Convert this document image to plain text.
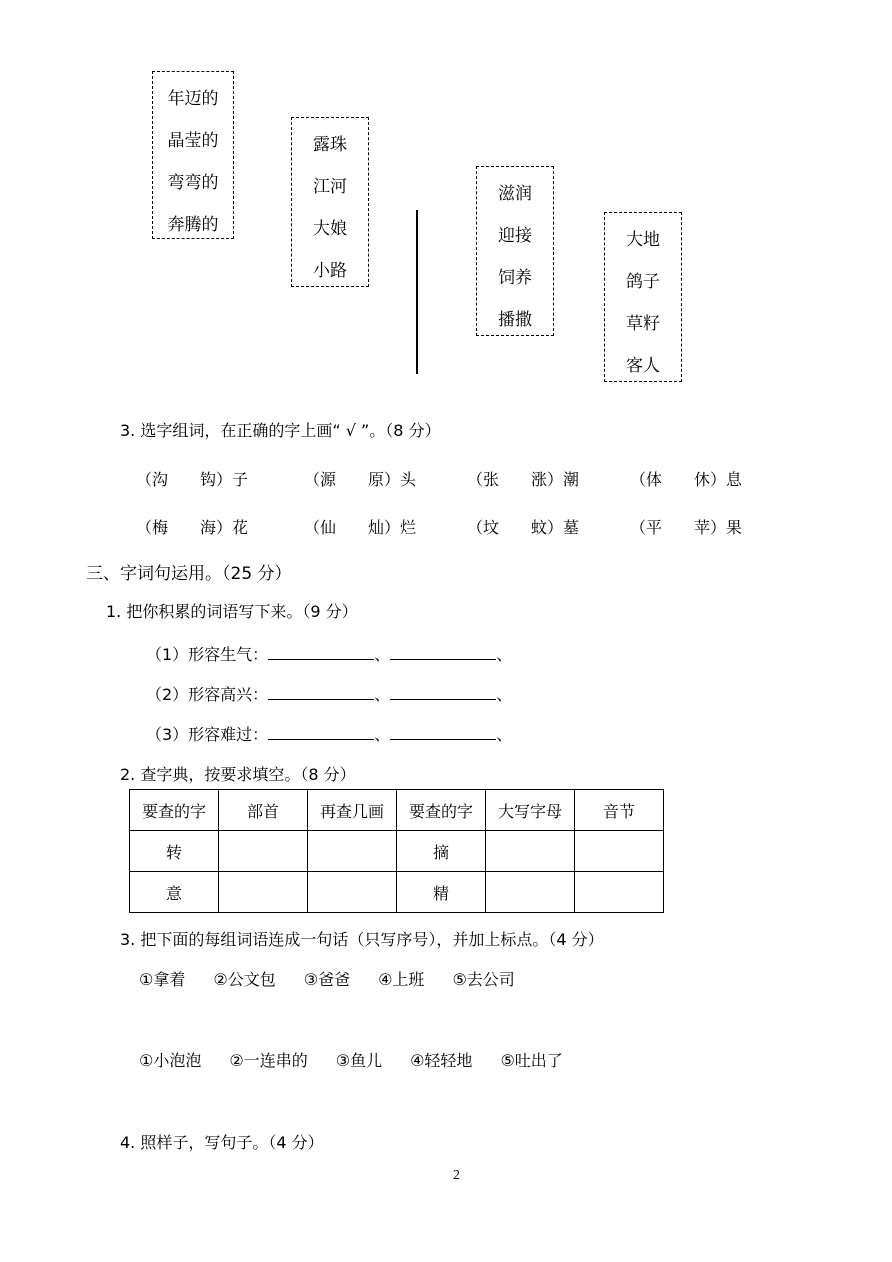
年迈的
晶莹的
弯弯的
奔腾的
露珠
江河
大娘
小路
滋润
迎接
饲养
播撒
大地
鸽子
草籽
客人
3. 选字组词，在正确的字上画“ √ ”。（8 分）
（沟　　钩）子	（源　　原）头	（张　　涨）潮	（体　　休）息
（梅　　海）花	（仙　　灿）烂	（坟　　蚊）墓	（平　　苹）果
三、字词句运用。（25 分）
1. 把你积累的词语写下来。（9 分）
（1）形容生气：	、	、
（2）形容高兴：	、	、
（3）形容难过：	、	、
2. 查字典，按要求填空。（8 分）
要查的字	部首	再查几画	要查的字	大写字母	音节
转			摘		
意			精		
3. 把下面的每组词语连成一句话（只写序号），并加上标点。（4 分）
①拿着 ②公文包 ③爸爸 ④上班 ⑤去公司
①小泡泡 ②一连串的 ③鱼儿 ④轻轻地 ⑤吐出了
4. 照样子，写句子。（4 分）
2
